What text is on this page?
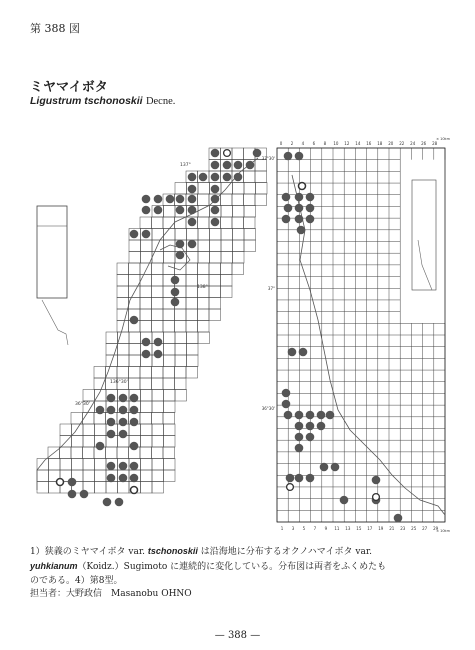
第 388 図
ミヤマイボタ
Ligustrum tschonoskii Decne.
137°
138°
136°30'
36°30'
0 2 4 6 8 10 12 14 16 18 20 22 24 26 28
1 3 5 7 9 11 13 15 17 19 21 23 25 27 29
× 10km
× 10km
37°30'
37°
36°30'
1）狭義のミヤマイボタ var. tschonoskii は沿海地に分布するオクノハマイボタ var.
yuhkianum（Koidz.）Sugimoto に連続的に変化している。分布図は両者をふくめたも
のである。4）第8型。
担当者：大野政信　Masanobu OHNO
— 388 —
